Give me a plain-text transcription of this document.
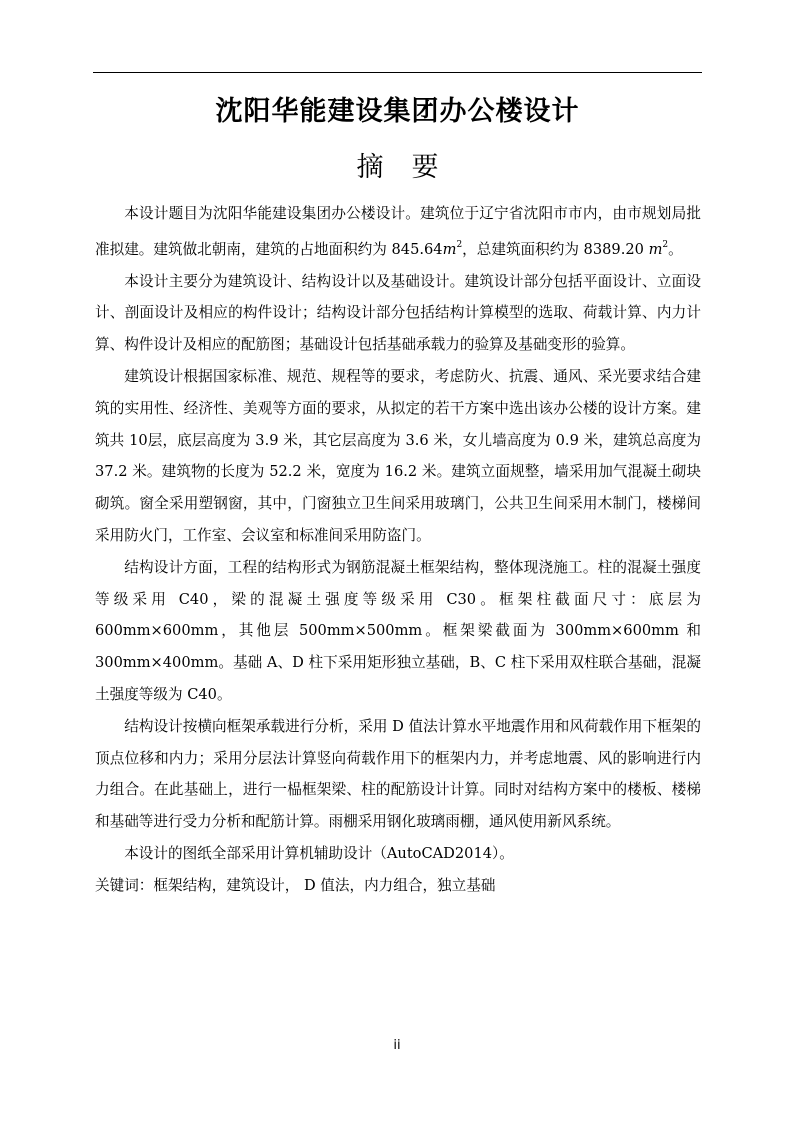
沈阳华能建设集团办公楼设计
摘要

本设计题目为沈阳华能建设集团办公楼设计。建筑位于辽宁省沈阳市市内，由市规划局批准拟建。建筑做北朝南，建筑的占地面积约为 $845.64m^2$，总建筑面积约为 8389.20 $m^2$。

本设计主要分为建筑设计、结构设计以及基础设计。建筑设计部分包括平面设计、立面设计、剖面设计及相应的构件设计；结构设计部分包括结构计算模型的选取、荷载计算、内力计算、构件设计及相应的配筋图；基础设计包括基础承载力的验算及基础变形的验算。

建筑设计根据国家标准、规范、规程等的要求，考虑防火、抗震、通风、采光要求结合建筑的实用性、经济性、美观等方面的要求，从拟定的若干方案中选出该办公楼的设计方案。建筑共 10层，底层高度为 3.9 米，其它层高度为 3.6 米，女儿墙高度为 0.9 米，建筑总高度为 37.2 米。建筑物的长度为 52.2 米，宽度为 16.2 米。建筑立面规整，墙采用加气混凝土砌块砌筑。窗全采用塑钢窗，其中，门窗独立卫生间采用玻璃门，公共卫生间采用木制门，楼梯间采用防火门，工作室、会议室和标准间采用防盗门。

结构设计方面，工程的结构形式为钢筋混凝土框架结构，整体现浇施工。柱的混凝土强度等级采用 C40，梁的混凝土强度等级采用 C30。框架柱截面尺寸：底层为 600mm×600mm，其他层 500mm×500mm。框架梁截面为 300mm×600mm 和 300mm×400mm。基础 A、D 柱下采用矩形独立基础，B、C 柱下采用双柱联合基础，混凝土强度等级为 C40。

结构设计按横向框架承载进行分析，采用 D 值法计算水平地震作用和风荷载作用下框架的顶点位移和内力；采用分层法计算竖向荷载作用下的框架内力，并考虑地震、风的影响进行内力组合。在此基础上，进行一榀框架梁、柱的配筋设计计算。同时对结构方案中的楼板、楼梯和基础等进行受力分析和配筋计算。雨棚采用钢化玻璃雨棚，通风使用新风系统。

本设计的图纸全部采用计算机辅助设计（AutoCAD2014）。

关键词：框架结构，建筑设计， D 值法，内力组合，独立基础

ii
